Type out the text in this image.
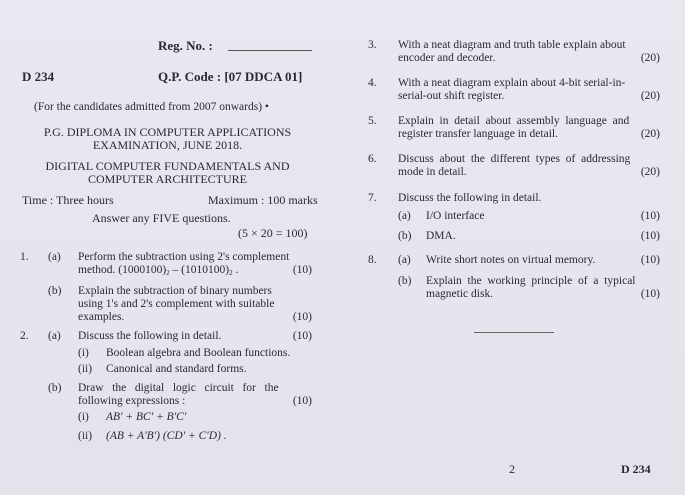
Reg. No. :
D 234	Q.P. Code : [07 DDCA 01]
(For the candidates admitted from 2007 onwards) •
P.G. DIPLOMA IN COMPUTER APPLICATIONS
EXAMINATION, JUNE 2018.
DIGITAL COMPUTER FUNDAMENTALS AND
COMPUTER ARCHITECTURE
Time : Three hours	Maximum : 100 marks
Answer any FIVE questions.
(5 × 20 = 100)
1. (a) Perform the subtraction using 2's complement
method. $(1000100)_2 - (1010100)_2$ .	(10)
(b) Explain the subtraction of binary numbers
using 1's and 2's complement with suitable
examples.	(10)
2. (a) Discuss the following in detail.	(10)
(i) Boolean algebra and Boolean functions.
(ii) Canonical and standard forms.
(b) Draw   the   digital   logic   circuit   for   the
following expressions :	(10)
(i) AB' + BC' + B'C'
(ii) (AB + A'B') (CD' + C'D) .
3. With a neat diagram and truth table explain about
encoder and decoder.	(20)
4. With a neat diagram explain about 4-bit serial-in-
serial-out shift register.	(20)
5. Explain  in  detail  about  assembly  language  and
register transfer language in detail.	(20)
6. Discuss  about  the  different  types  of  addressing
mode in detail.	(20)
7. Discuss the following in detail.
(a) I/O interface	(10)
(b) DMA.	(10)
8. (a) Write short notes on virtual memory.	(10)
(b) Explain  the  working  principle  of  a  typical
magnetic disk.	(10)
2	D 234
